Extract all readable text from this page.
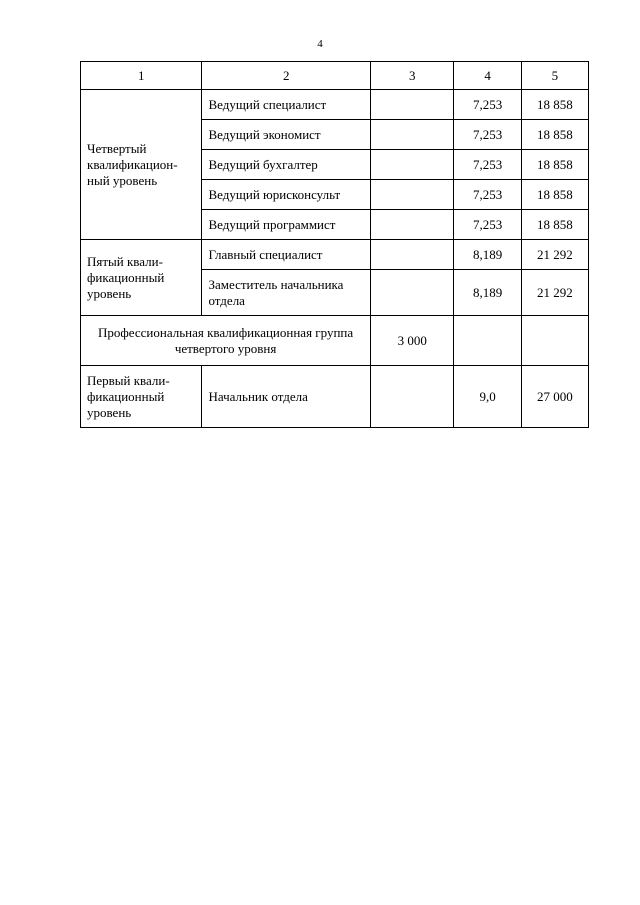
4
1	2	3	4	5
Четвертый квалификацион-ный уровень	Ведущий специалист		7,253	18 858
	Ведущий экономист		7,253	18 858
	Ведущий бухгалтер		7,253	18 858
	Ведущий юрисконсульт		7,253	18 858
	Ведущий программист		7,253	18 858
Пятый квали-фикационный уровень	Главный специалист		8,189	21 292
	Заместитель начальника отдела		8,189	21 292
Профессиональная квалификационная группа четвертого уровня		3 000		
Первый квали-фикационный уровень	Начальник отдела		9,0	27 000
